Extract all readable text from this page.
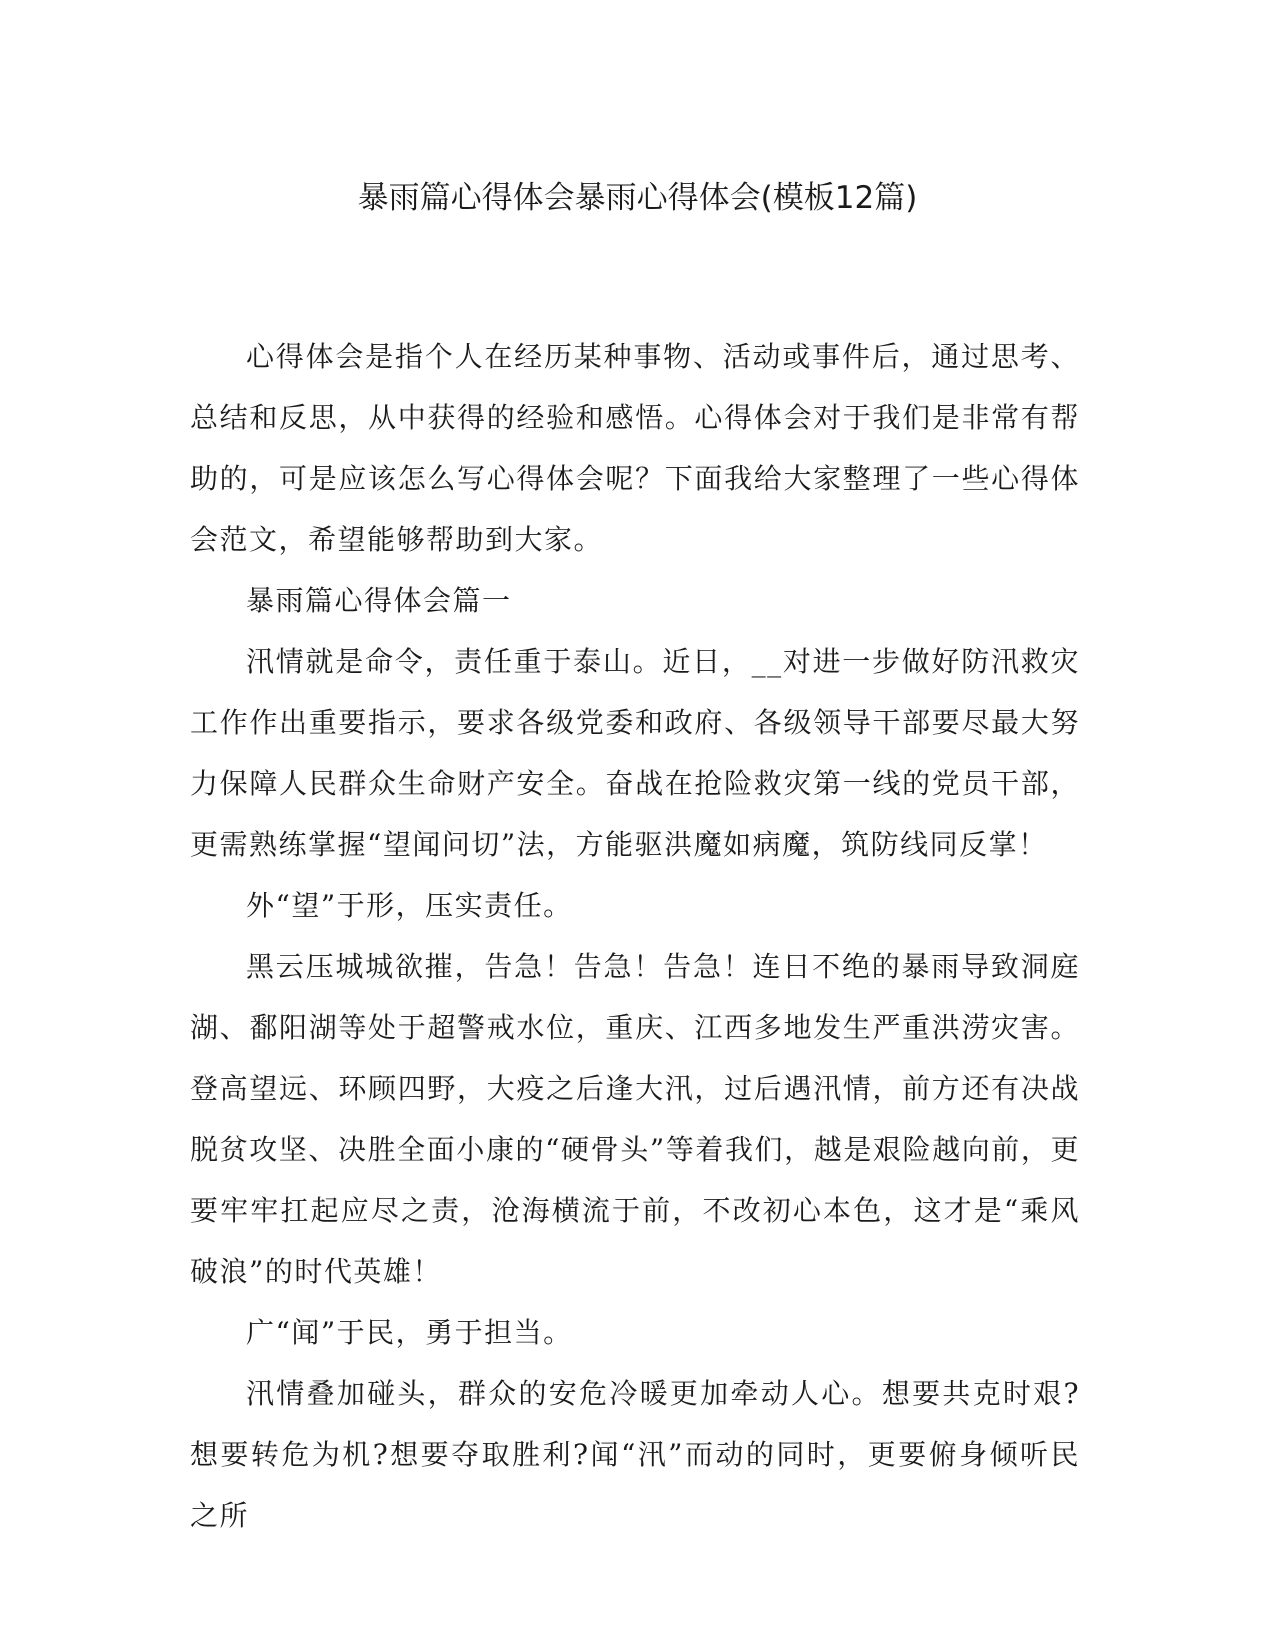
暴雨篇心得体会暴雨心得体会(模板12篇)

心得体会是指个人在经历某种事物、活动或事件后，通过思考、总结和反思，从中获得的经验和感悟。心得体会对于我们是非常有帮助的，可是应该怎么写心得体会呢？下面我给大家整理了一些心得体会范文，希望能够帮助到大家。

暴雨篇心得体会篇一

汛情就是命令，责任重于泰山。近日，__对进一步做好防汛救灾工作作出重要指示，要求各级党委和政府、各级领导干部要尽最大努力保障人民群众生命财产安全。奋战在抢险救灾第一线的党员干部，更需熟练掌握“望闻问切”法，方能驱洪魔如病魔，筑防线同反掌！

外“望”于形，压实责任。

黑云压城城欲摧，告急！告急！告急！连日不绝的暴雨导致洞庭湖、鄱阳湖等处于超警戒水位，重庆、江西多地发生严重洪涝灾害。登高望远、环顾四野，大疫之后逢大汛，过后遇汛情，前方还有决战脱贫攻坚、决胜全面小康的“硬骨头”等着我们，越是艰险越向前，更要牢牢扛起应尽之责，沧海横流于前，不改初心本色，这才是“乘风破浪”的时代英雄！

广“闻”于民，勇于担当。

汛情叠加碰头，群众的安危冷暖更加牵动人心。想要共克时艰?想要转危为机?想要夺取胜利?闻“汛”而动的同时，更要俯身倾听民之所
